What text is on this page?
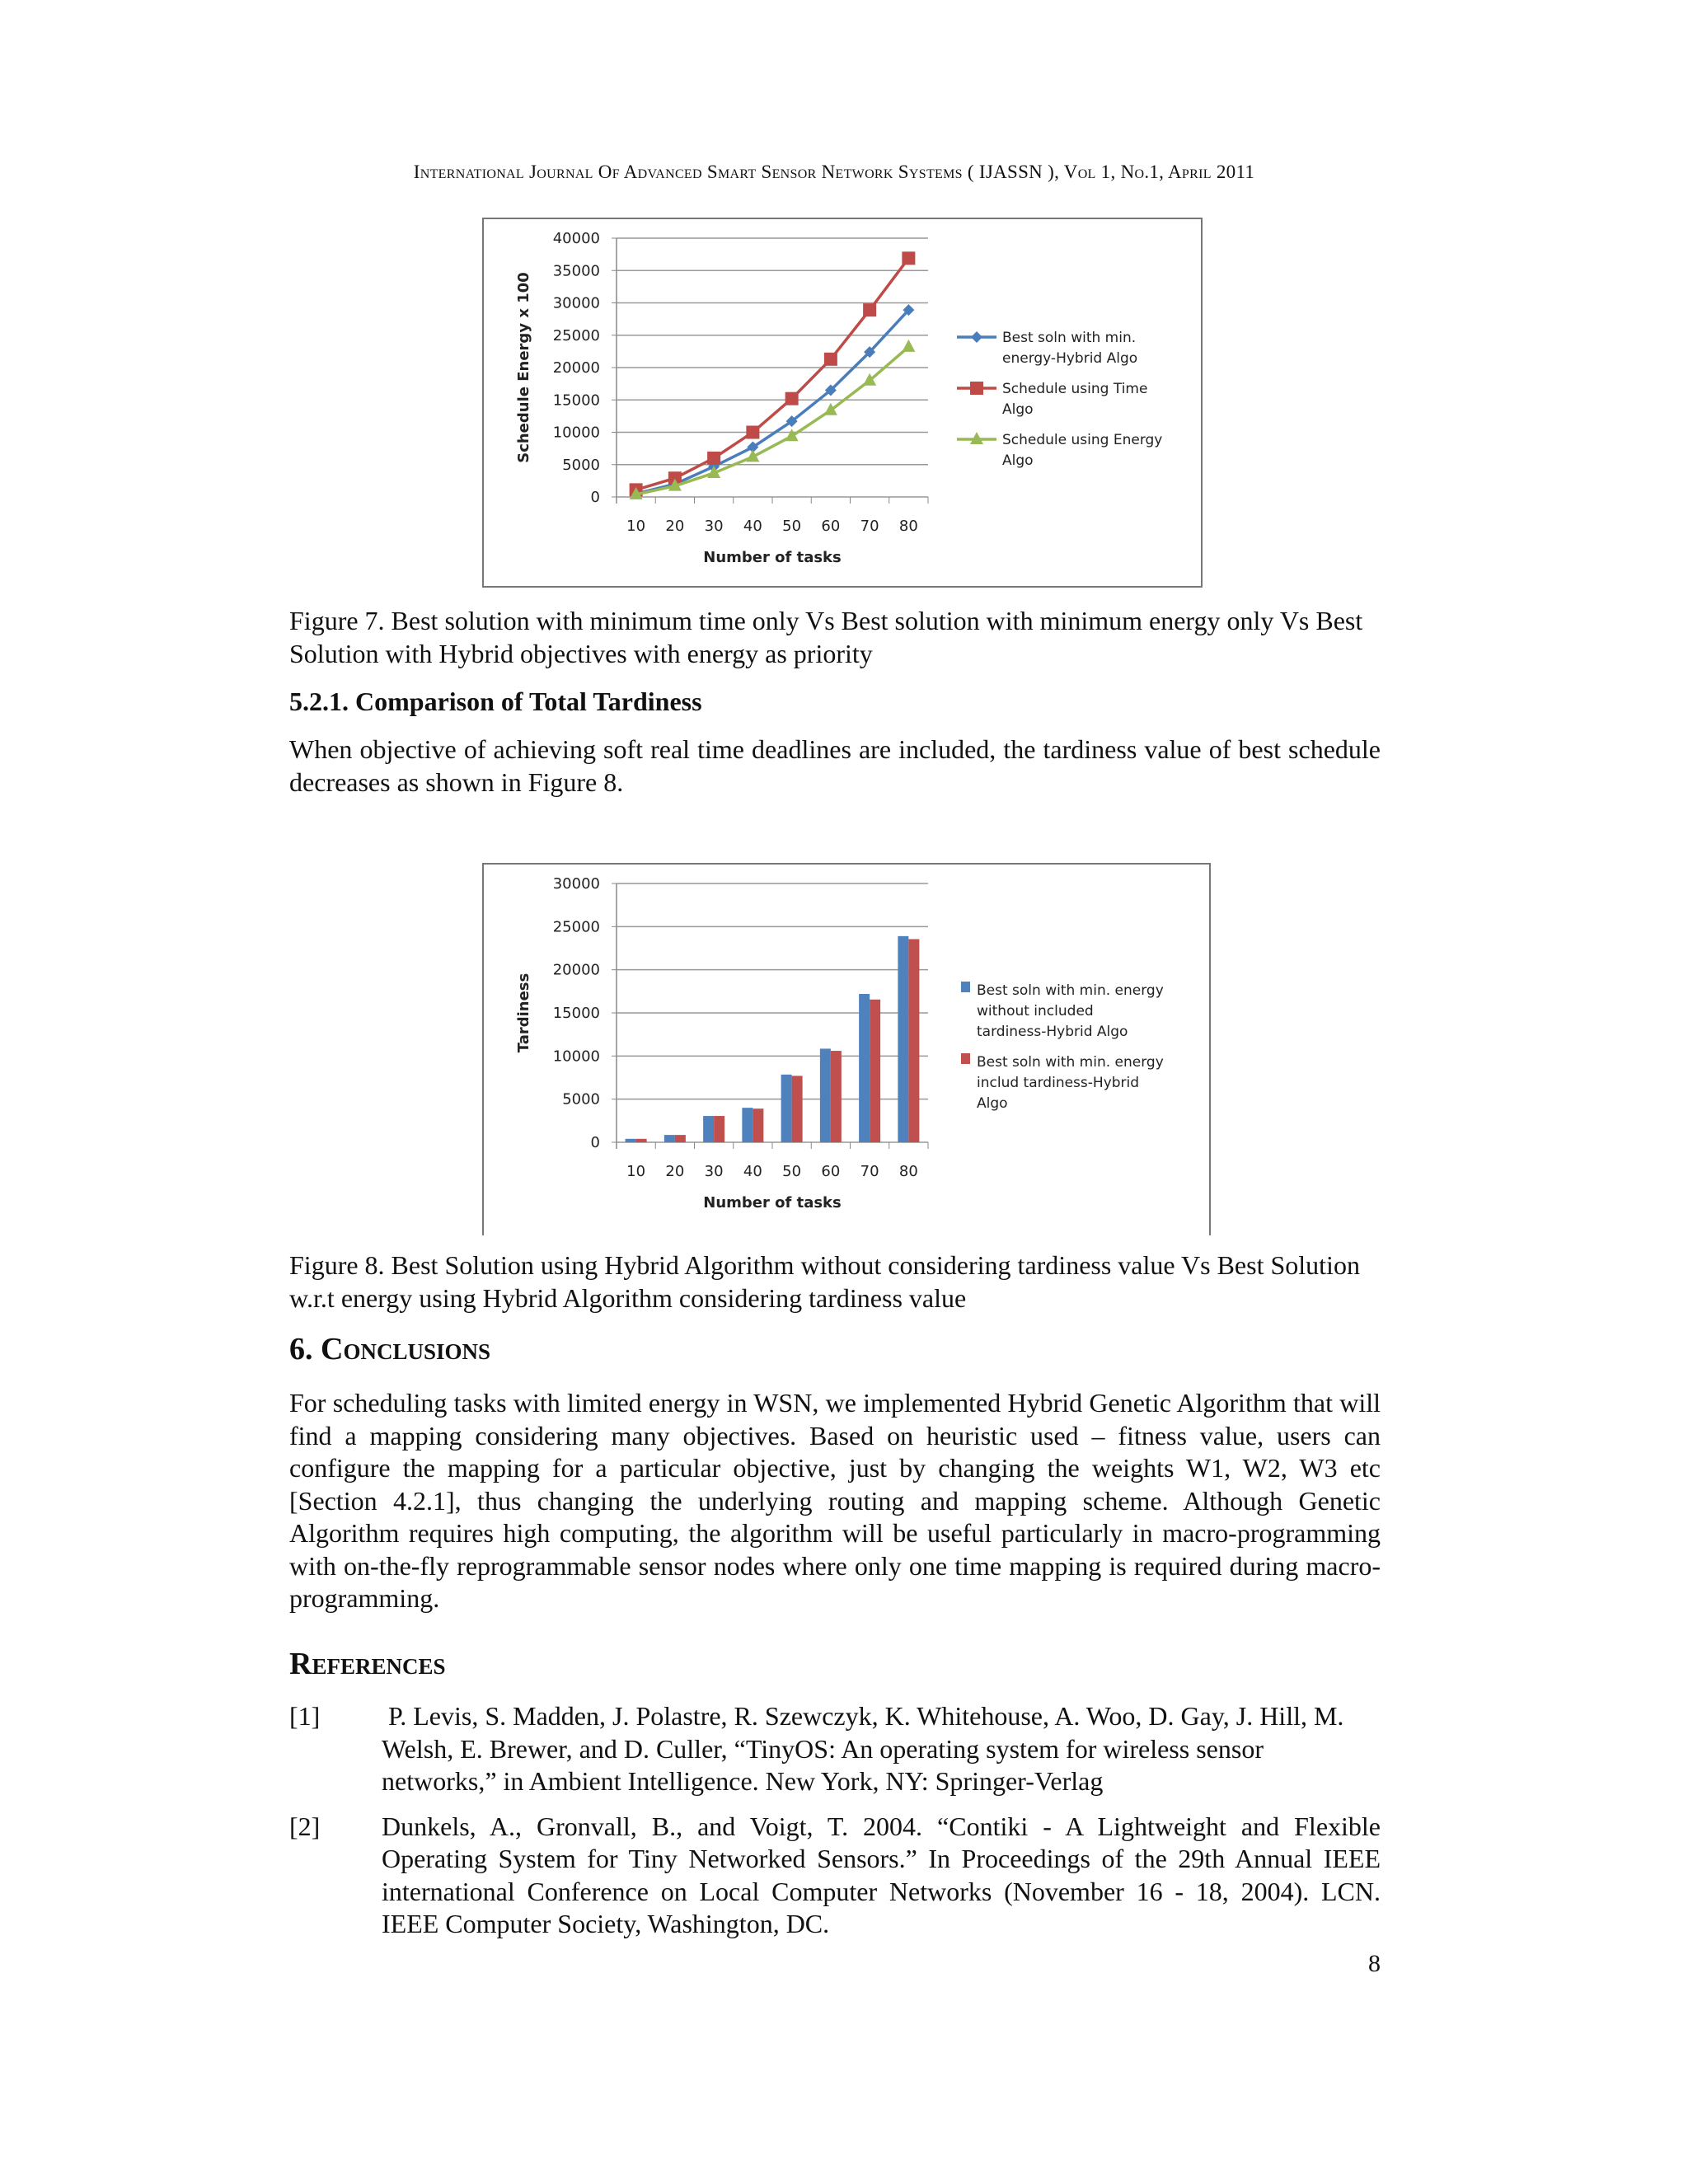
International Journal Of Advanced Smart Sensor Network Systems ( IJASSN ), Vol 1, No.1, April 2011
0
5000
10000
15000
20000
25000
30000
35000
40000
10 20 30 40 50 60 70 80
Number of tasks
Schedule Energy x 100	Best soln with min.
energy-Hybrid Algo
Schedule using Time
Algo
Schedule using Energy
Algo
Figure 7. Best solution with minimum time only Vs Best solution with minimum energy only Vs Best Solution with Hybrid objectives with energy as priority
5.2.1. Comparison of Total Tardiness
When objective of achieving soft real time deadlines are included, the tardiness value of best schedule decreases as shown in Figure 8.
0
5000
10000
15000
20000
25000
30000
10 20 30 40 50 60 70 80
Number of tasks
Tardiness	Best soln with min. energy
without included
tardiness-Hybrid Algo
Best soln with min. energy
includ tardiness-Hybrid
Algo
Figure 8. Best Solution using Hybrid Algorithm without considering tardiness value Vs Best Solution w.r.t energy using Hybrid Algorithm considering tardiness value
6. Conclusions
For scheduling tasks with limited energy in WSN, we implemented Hybrid Genetic Algorithm that will find a mapping considering many objectives. Based on heuristic used – fitness value, users can configure the mapping for a particular objective, just by changing the weights W1, W2, W3 etc [Section 4.2.1], thus changing the underlying routing and mapping scheme. Although Genetic Algorithm requires high computing, the algorithm will be useful particularly in macro-programming with on-the-fly reprogrammable sensor nodes where only one time mapping is required during macro-programming.
References
[1]	P. Levis, S. Madden, J. Polastre, R. Szewczyk, K. Whitehouse, A. Woo, D. Gay, J. Hill, M. Welsh, E. Brewer, and D. Culler, “TinyOS: An operating system for wireless sensor networks,” in Ambient Intelligence. New York, NY: Springer-Verlag
[2]	Dunkels, A., Gronvall, B., and Voigt, T. 2004. “Contiki - A Lightweight and Flexible Operating System for Tiny Networked Sensors.” In Proceedings of the 29th Annual IEEE international Conference on Local Computer Networks (November 16 - 18, 2004). LCN. IEEE Computer Society, Washington, DC.
8
